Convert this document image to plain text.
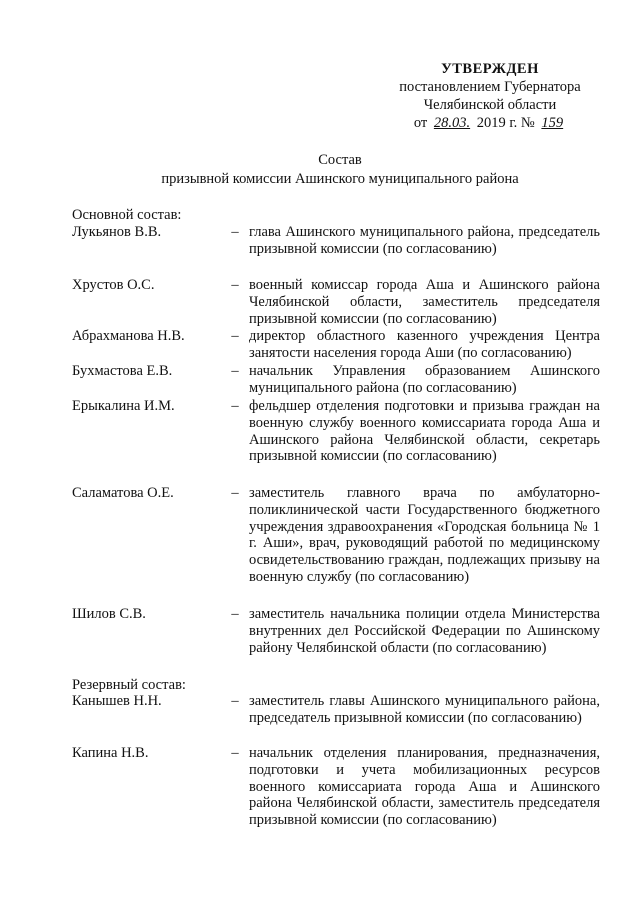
УТВЕРЖДЕН
постановлением Губернатора
Челябинской области
от 28.03. 2019 г. № 159
Состав
призывной комиссии Ашинского муниципального района
Основной состав:
Лукьянов В.В.	– глава Ашинского муниципального района, председатель призывной комиссии (по согласованию)
Хрустов О.С.	– военный комиссар города Аша и Ашинского района Челябинской области, заместитель председателя призывной комиссии (по согласованию)
Абрахманова Н.В.	– директор областного казенного учреждения Центра занятости населения города Аши (по согласованию)
Бухмастова Е.В.	– начальник Управления образованием Ашинского муниципального района (по согласованию)
Ерыкалина И.М.	– фельдшер отделения подготовки и призыва граждан на военную службу военного комиссариата города Аша и Ашинского района Челябинской области, секретарь призывной комиссии (по согласованию)
Саламатова О.Е.	– заместитель главного врача по амбулаторно-поликлинической части Государственного бюджетного учреждения здравоохранения «Городская больница № 1 г. Аши», врач, руководящий работой по медицинскому освидетельствованию граждан, подлежащих призыву на военную службу (по согласованию)
Шилов С.В.	– заместитель начальника полиции отдела Министерства внутренних дел Российской Федерации по Ашинскому району Челябинской области (по согласованию)
Резервный состав:
Канышев Н.Н.	– заместитель главы Ашинского муниципального района, председатель призывной комиссии (по согласованию)
Капина Н.В.	– начальник отделения планирования, предназначения, подготовки и учета мобилизационных ресурсов военного комиссариата города Аша и Ашинского района Челябинской области, заместитель председателя призывной комиссии (по согласованию)
